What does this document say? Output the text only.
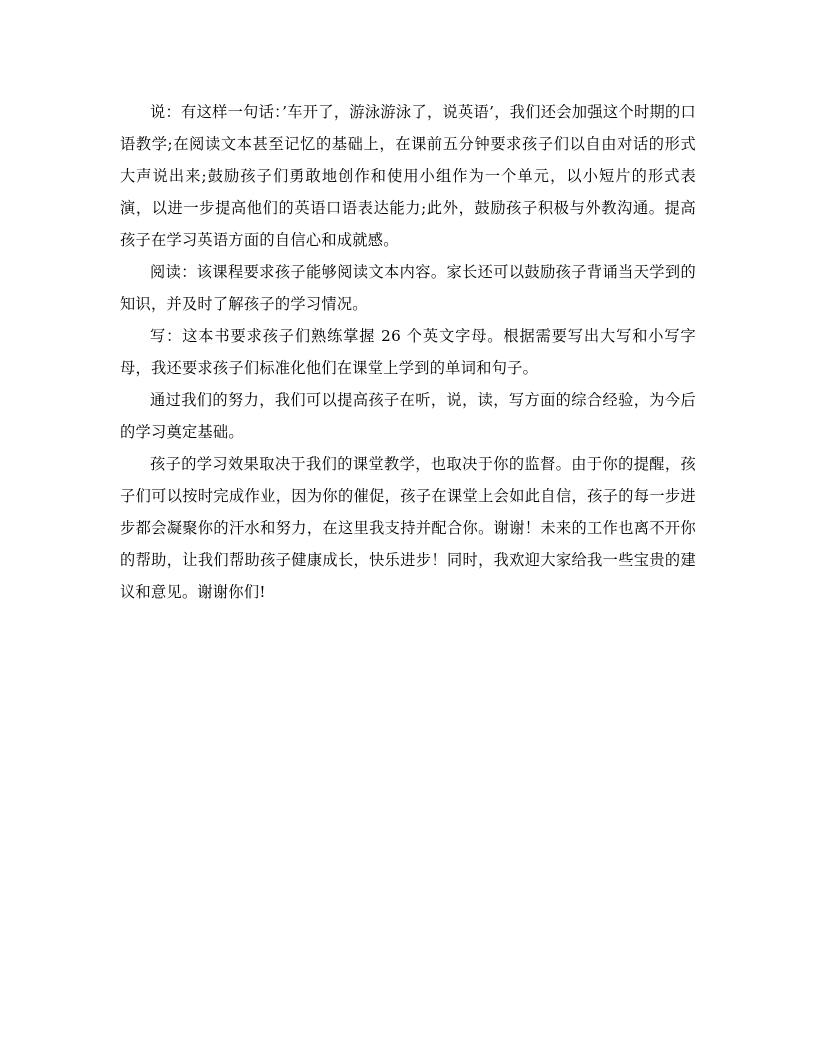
说：有这样一句话：’车开了，游泳游泳了，说英语’，我们还会加强这个时期的口语教学;在阅读文本甚至记忆的基础上，在课前五分钟要求孩子们以自由对话的形式大声说出来;鼓励孩子们勇敢地创作和使用小组作为一个单元，以小短片的形式表演，以进一步提高他们的英语口语表达能力;此外，鼓励孩子积极与外教沟通。提高孩子在学习英语方面的自信心和成就感。

阅读：该课程要求孩子能够阅读文本内容。家长还可以鼓励孩子背诵当天学到的知识，并及时了解孩子的学习情况。

写：这本书要求孩子们熟练掌握 26 个英文字母。根据需要写出大写和小写字母，我还要求孩子们标准化他们在课堂上学到的单词和句子。

通过我们的努力，我们可以提高孩子在听，说，读，写方面的综合经验，为今后的学习奠定基础。

孩子的学习效果取决于我们的课堂教学，也取决于你的监督。由于你的提醒，孩子们可以按时完成作业，因为你的催促，孩子在课堂上会如此自信，孩子的每一步进步都会凝聚你的汗水和努力，在这里我支持并配合你。谢谢！未来的工作也离不开你的帮助，让我们帮助孩子健康成长，快乐进步！同时，我欢迎大家给我一些宝贵的建议和意见。谢谢你们!
